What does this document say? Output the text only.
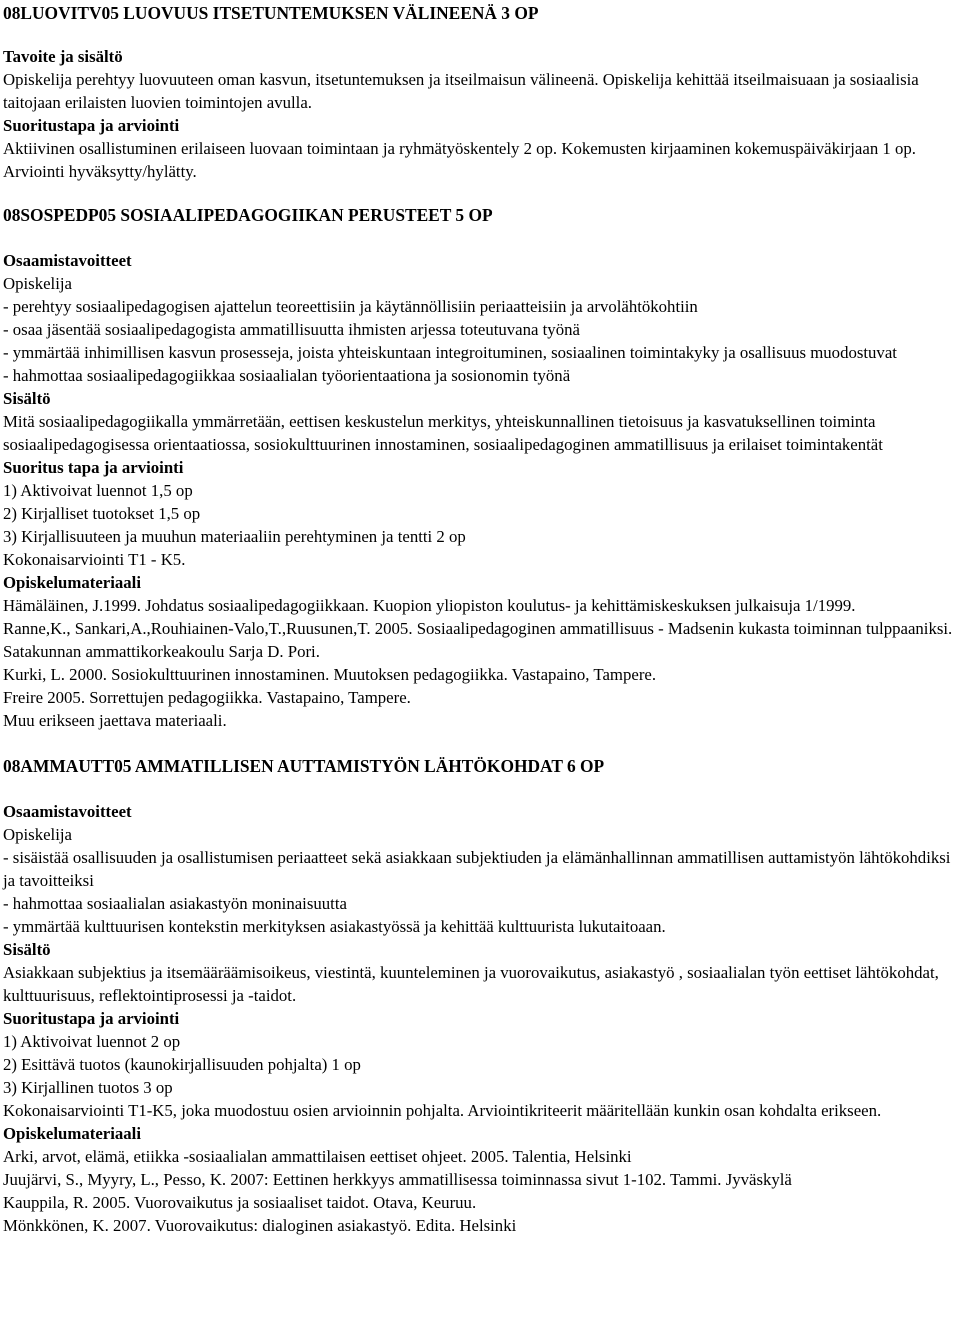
08LUOVITV05 LUOVUUS ITSETUNTEMUKSEN VÄLINEENÄ 3 OP

Tavoite ja sisältö

Opiskelija perehtyy luovuuteen oman kasvun, itsetuntemuksen ja itseilmaisun välineenä. Opiskelija kehittää itseilmaisuaan ja sosiaalisia taitojaan erilaisten luovien toimintojen avulla.

Suoritustapa ja arviointi

Aktiivinen osallistuminen erilaiseen luovaan toimintaan ja ryhmätyöskentely 2 op. Kokemusten kirjaaminen kokemuspäiväkirjaan 1 op. Arviointi hyväksytty/hylätty.

08SOSPEDP05 SOSIAALIPEDAGOGIIKAN PERUSTEET 5 OP

Osaamistavoitteet

Opiskelija

- perehtyy sosiaalipedagogisen ajattelun teoreettisiin ja käytännöllisiin periaatteisiin ja arvolähtökohtiin

- osaa jäsentää sosiaalipedagogista ammatillisuutta ihmisten arjessa toteutuvana työnä

- ymmärtää inhimillisen kasvun prosesseja, joista yhteiskuntaan integroituminen, sosiaalinen toimintakyky ja osallisuus muodostuvat

- hahmottaa sosiaalipedagogiikkaa sosiaalialan työorientaationa ja sosionomin työnä

Sisältö

Mitä sosiaalipedagogiikalla ymmärretään, eettisen keskustelun merkitys, yhteiskunnallinen tietoisuus ja kasvatuksellinen toiminta sosiaalipedagogisessa orientaatiossa, sosiokulttuurinen innostaminen, sosiaalipedagoginen ammatillisuus ja erilaiset toimintakentät

Suoritus tapa ja arviointi

1) Aktivoivat luennot 1,5 op

2) Kirjalliset tuotokset 1,5 op

3) Kirjallisuuteen ja muuhun materiaaliin perehtyminen ja tentti 2 op

Kokonaisarviointi T1 - K5.

Opiskelumateriaali

Hämäläinen, J.1999. Johdatus sosiaalipedagogiikkaan. Kuopion yliopiston koulutus- ja kehittämiskeskuksen julkaisuja 1/1999.

Ranne,K., Sankari,A.,Rouhiainen-Valo,T.,Ruusunen,T. 2005. Sosiaalipedagoginen ammatillisuus - Madsenin kukasta toiminnan tulppaaniksi. Satakunnan ammattikorkeakoulu Sarja D. Pori.

Kurki, L. 2000. Sosiokulttuurinen innostaminen. Muutoksen pedagogiikka. Vastapaino, Tampere.

Freire 2005. Sorrettujen pedagogiikka. Vastapaino, Tampere.

Muu erikseen jaettava materiaali.

08AMMAUTT05 AMMATILLISEN AUTTAMISTYÖN LÄHTÖKOHDAT 6 OP

Osaamistavoitteet

Opiskelija

- sisäistää osallisuuden ja osallistumisen periaatteet sekä asiakkaan subjektiuden ja elämänhallinnan ammatillisen auttamistyön lähtökohdiksi ja tavoitteiksi

- hahmottaa sosiaalialan asiakastyön moninaisuutta

- ymmärtää kulttuurisen kontekstin merkityksen asiakastyössä ja kehittää kulttuurista lukutaitoaan.

Sisältö

Asiakkaan subjektius ja itsemääräämisoikeus, viestintä, kuunteleminen ja vuorovaikutus, asiakastyö , sosiaalialan työn eettiset lähtökohdat, kulttuurisuus, reflektointiprosessi ja -taidot.

Suoritustapa ja arviointi

1) Aktivoivat luennot 2 op

2) Esittävä tuotos (kaunokirjallisuuden pohjalta) 1 op

3) Kirjallinen tuotos 3 op

Kokonaisarviointi T1-K5, joka muodostuu osien arvioinnin pohjalta. Arviointikriteerit määritellään kunkin osan kohdalta erikseen.

Opiskelumateriaali

Arki, arvot, elämä, etiikka -sosiaalialan ammattilaisen eettiset ohjeet. 2005. Talentia, Helsinki

Juujärvi, S., Myyry, L., Pesso, K. 2007: Eettinen herkkyys ammatillisessa toiminnassa sivut 1-102. Tammi. Jyväskylä

Kauppila, R. 2005. Vuorovaikutus ja sosiaaliset taidot. Otava, Keuruu.

Mönkkönen, K. 2007. Vuorovaikutus: dialoginen asiakastyö. Edita. Helsinki
